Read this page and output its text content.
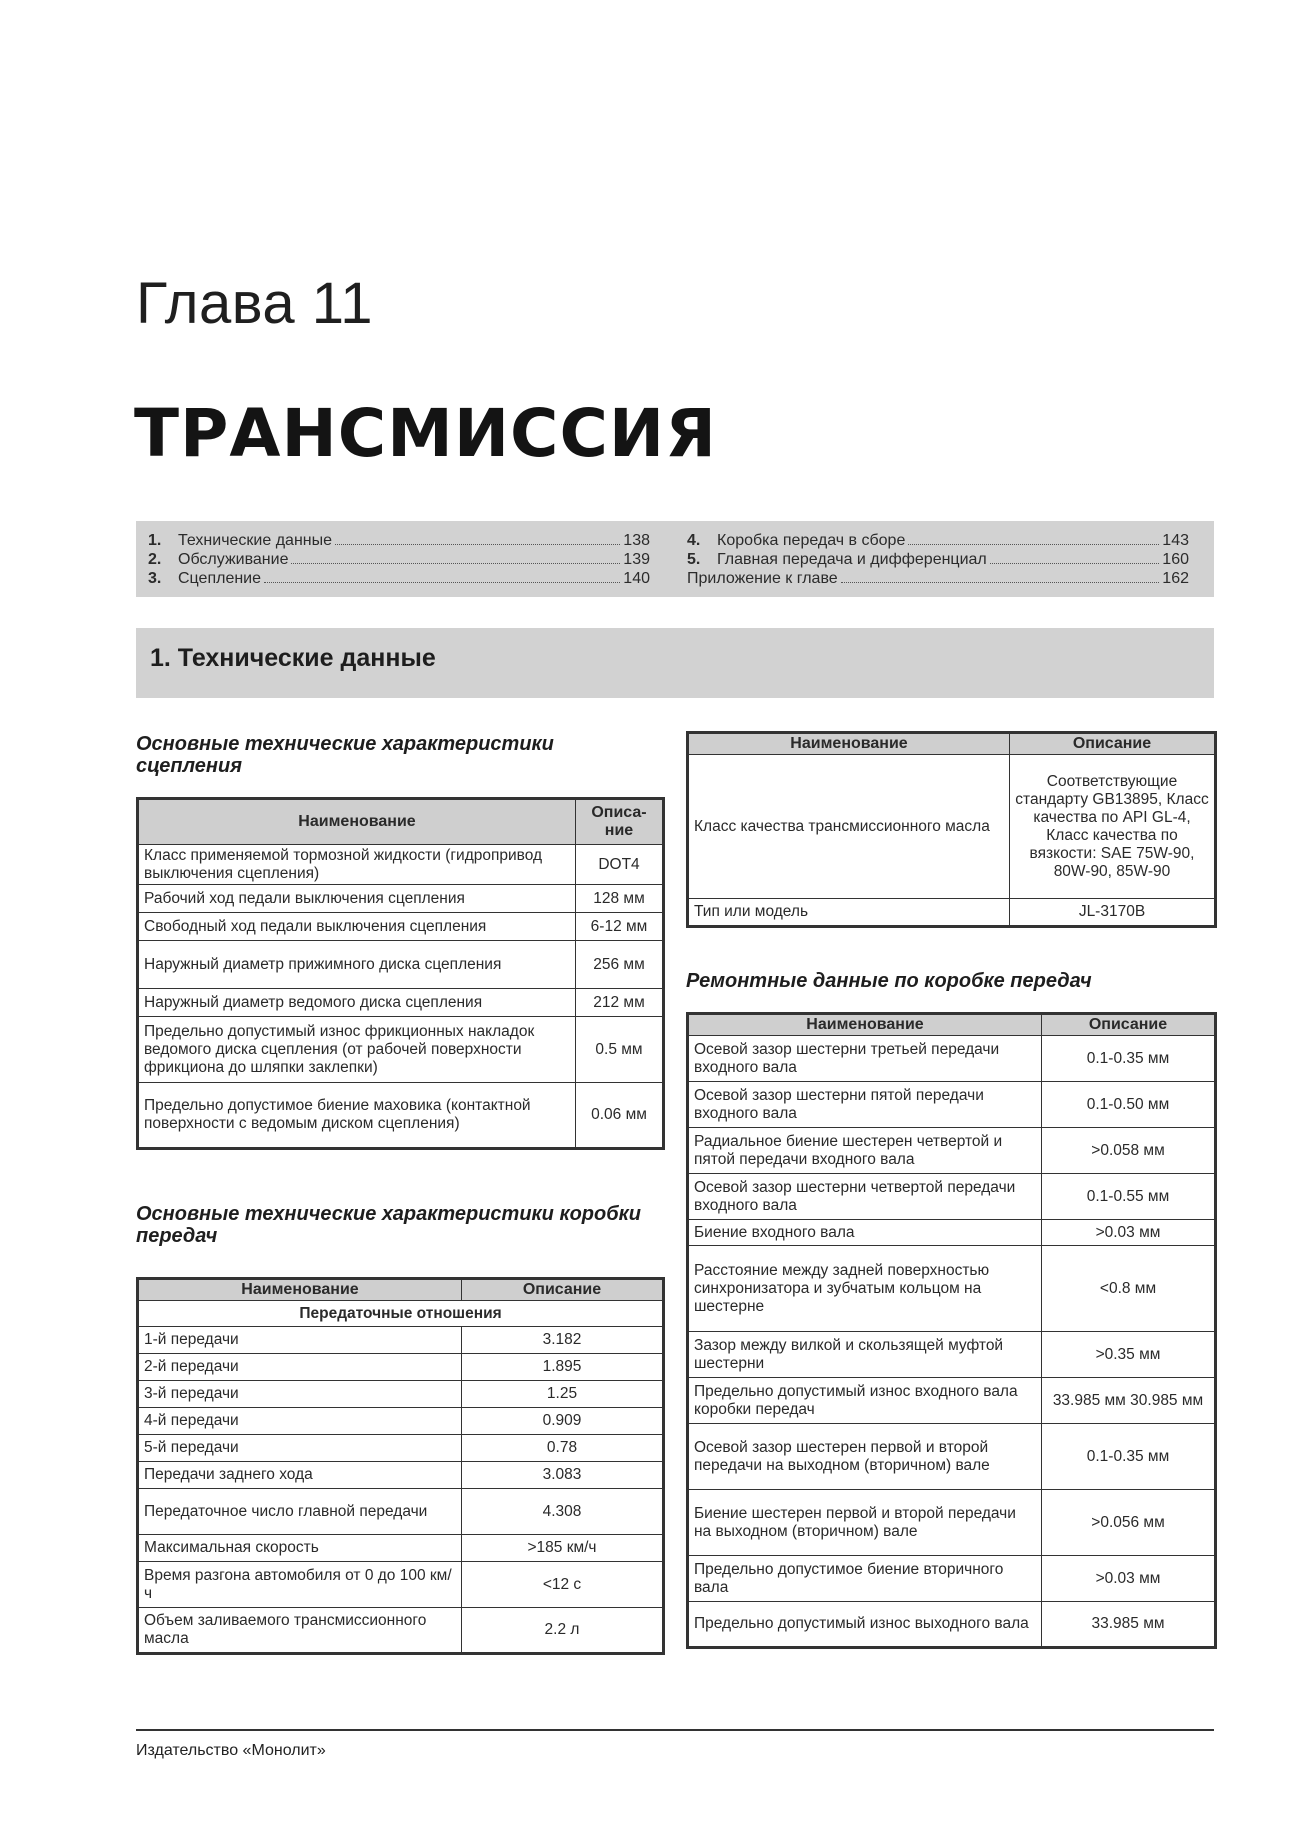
Глава 11
ТРАНСМИССИЯ
1.	Технические данные	138
2.	Обслуживание	139
3.	Сцепление	140
4.	Коробка передач в сборе	143
5.	Главная передача и дифференциал	160
Приложение к главе	162
1. Технические данные
Основные технические характеристики сцепления
Наименование	Описа-ние
Класс применяемой тормозной жидкости (гидропривод выключения сцепления)	DOT4
Рабочий ход педали выключения сцепления	128 мм
Свободный ход педали выключения сцепления	6-12 мм
Наружный диаметр прижимного диска сцепления	256 мм
Наружный диаметр ведомого диска сцепления	212 мм
Предельно допустимый износ фрикционных накладок ведомого диска сцепления (от рабочей поверхности фрикциона до шляпки заклепки)	0.5 мм
Предельно допустимое биение маховика (контактной поверхности с ведомым диском сцепления)	0.06 мм
Основные технические характеристики коробки передач
Наименование	Описание
Передаточные отношения	
1-й передачи	3.182
2-й передачи	1.895
3-й передачи	1.25
4-й передачи	0.909
5-й передачи	0.78
Передачи заднего хода	3.083
Передаточное число главной передачи	4.308
Максимальная скорость	>185 км/ч
Время разгона автомобиля от 0 до 100 км/ч	<12 с
Объем заливаемого трансмиссионного масла	2.2 л
Наименование	Описание
Класс качества трансмиссионного масла	Соответствующие стандарту GB13895, Класс качества по API GL-4, Класс качества по вязкости: SAE 75W-90, 80W-90, 85W-90
Тип или модель	JL-3170B
Ремонтные данные по коробке передач
Наименование	Описание
Осевой зазор шестерни третьей передачи входного вала	0.1-0.35 мм
Осевой зазор шестерни пятой передачи входного вала	0.1-0.50 мм
Радиальное биение шестерен четвертой и пятой передачи входного вала	>0.058 мм
Осевой зазор шестерни четвертой передачи входного вала	0.1-0.55 мм
Биение входного вала	>0.03 мм
Расстояние между задней поверхностью синхронизатора и зубчатым кольцом на шестерне	<0.8 мм
Зазор между вилкой и скользящей муфтой шестерни	>0.35 мм
Предельно допустимый износ входного вала коробки передач	33.985 мм 30.985 мм
Осевой зазор шестерен первой и второй передачи на выходном (вторичном) вале	0.1-0.35 мм
Биение шестерен первой и второй передачи на выходном (вторичном) вале	>0.056 мм
Предельно допустимое биение вторичного вала	>0.03 мм
Предельно допустимый износ выходного вала	33.985 мм
Издательство «Монолит»
